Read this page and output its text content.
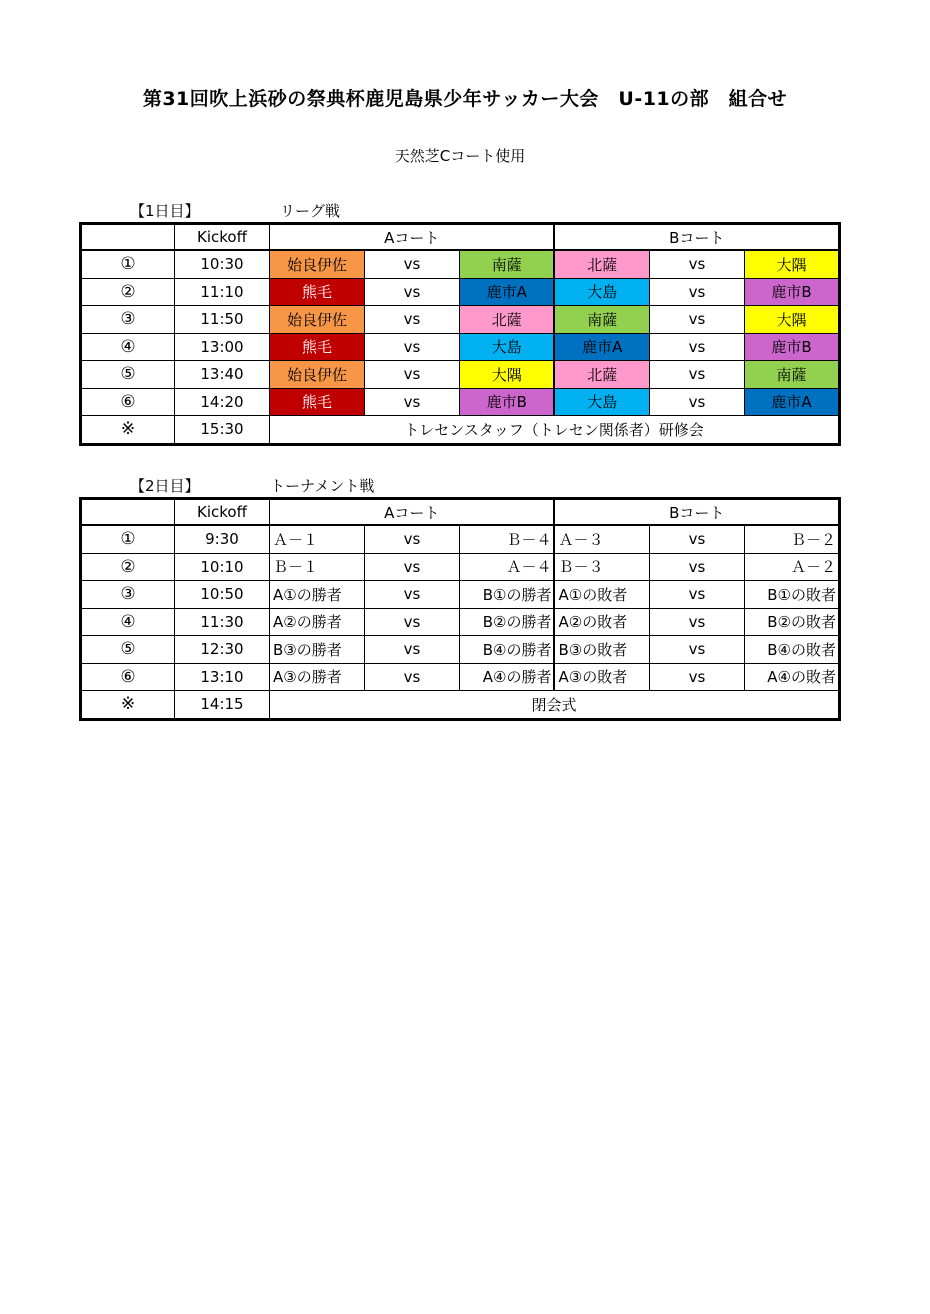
第31回吹上浜砂の祭典杯鹿児島県少年サッカー大会　U-11の部　組合せ
天然芝Cコート使用
【1日目】	リーグ戦
	Kickoff	Aコート			Bコート		
①	10:30	始良伊佐	vs	南薩	北薩	vs	大隅
②	11:10	熊毛	vs	鹿市A	大島	vs	鹿市B
③	11:50	始良伊佐	vs	北薩	南薩	vs	大隅
④	13:00	熊毛	vs	大島	鹿市A	vs	鹿市B
⑤	13:40	始良伊佐	vs	大隅	北薩	vs	南薩
⑥	14:20	熊毛	vs	鹿市B	大島	vs	鹿市A
※	15:30	トレセンスタッフ（トレセン関係者）研修会					
【2日目】	トーナメント戦
	Kickoff	Aコート			Bコート		
①	9:30	Ａ－１	vs	Ｂ－４	Ａ－３	vs	Ｂ－２
②	10:10	Ｂ－１	vs	Ａ－４	Ｂ－３	vs	Ａ－２
③	10:50	A①の勝者	vs	B①の勝者	A①の敗者	vs	B①の敗者
④	11:30	A②の勝者	vs	B②の勝者	A②の敗者	vs	B②の敗者
⑤	12:30	B③の勝者	vs	B④の勝者	B③の敗者	vs	B④の敗者
⑥	13:10	A③の勝者	vs	A④の勝者	A③の敗者	vs	A④の敗者
※	14:15	閉会式					
